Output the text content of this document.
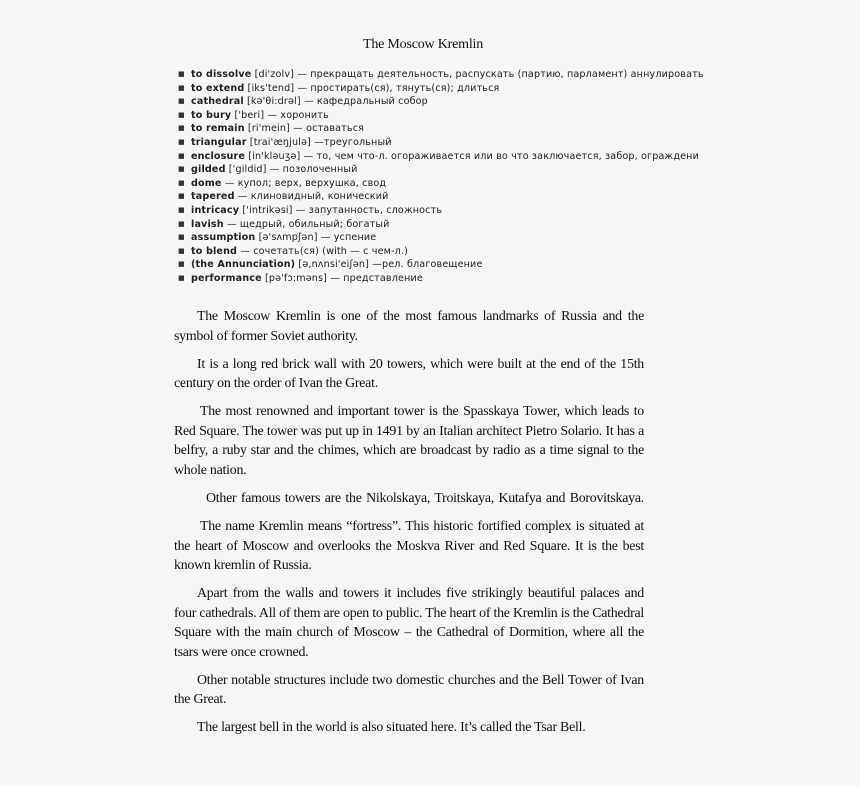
The Moscow Kremlin
■ to dissolve [di'zolv] — прекращать деятельность, распускать (партию, парламент) аннулировать
■ to extend [iks'tend] — простирать(ся), тянуть(ся); длиться
■ cathedral [kə'θi:drəl] — кафедральный собор
■ to bury ['beri] — хоронить
■ to remain [ri'mein] — оставаться
■ triangular [trai'æŋjulə] —треугольный
■ enclosure [in'kləuʒə] — то, чем что-л. огораживается или во что заключается, забор, ограждени
■ gilded ['gildid] — позолоченный
■ dome — купол; верх, верхушка, свод
■ tapered — клиновидный, конический
■ intricacy ['intrikəsi] — запутанность, сложность
■ lavish — щедрый, обильный; богатый
■ assumption [ə'sʌmpʃən] — успение
■ to blend — сочетать(ся) (with — с чем-л.)
■ (the Annunciation) [ə,nʌnsi'eiʃən] —рел. благовещение
■ performance [pə'fɔ:məns] — представление

The Moscow Kremlin is one of the most famous landmarks of Russia and the symbol of former Soviet authority.

It is a long red brick wall with 20 towers, which were built at the end of the 15th century on the order of Ivan the Great.

The most renowned and important tower is the Spasskaya Tower, which leads to Red Square. The tower was put up in 1491 by an Italian architect Pietro Solario. It has a belfry, a ruby star and the chimes, which are broadcast by radio as a time signal to the whole nation.

Other famous towers are the Nikolskaya, Troitskaya, Kutafya and Borovitskaya.

The name Kremlin means “fortress”. This historic fortified complex is situated at the heart of Moscow and overlooks the Moskva River and Red Square. It is the best known kremlin of Russia.

Apart from the walls and towers it includes five strikingly beautiful palaces and four cathedrals. All of them are open to public. The heart of the Kremlin is the Cathedral Square with the main church of Moscow – the Cathedral of Dormition, where all the tsars were once crowned.

Other notable structures include two domestic churches and the Bell Tower of Ivan the Great.

The largest bell in the world is also situated here. It’s called the Tsar Bell.
